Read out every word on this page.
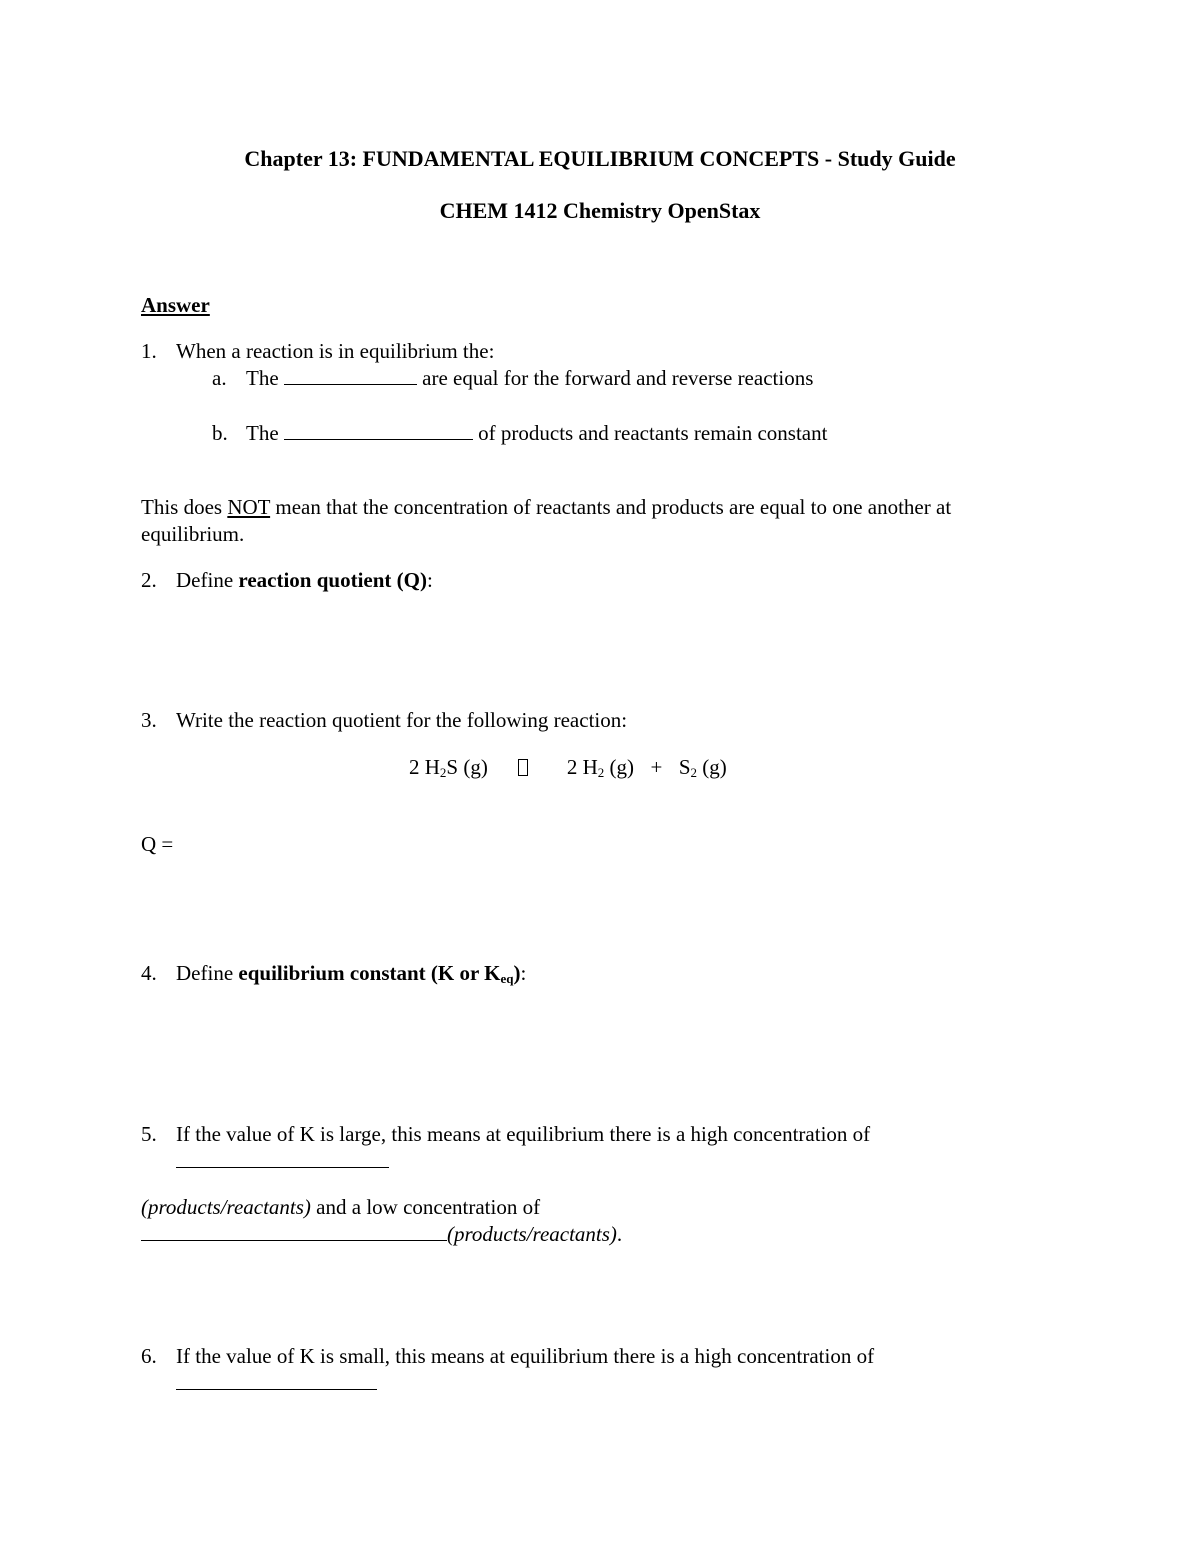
Chapter 13: FUNDAMENTAL EQUILIBRIUM CONCEPTS - Study Guide
CHEM 1412 Chemistry OpenStax
Answer
1. When a reaction is in equilibrium the:
a. The	are equal for the forward and reverse reactions
b. The	of products and reactants remain constant
This does NOT mean that the concentration of reactants and products are equal to one another at
equilibrium.
2. Define reaction quotient (Q):
3. Write the reaction quotient for the following reaction:
2 $H_2S$ (g)	2 $H_2$ $(g) + S_2$ (g)
Q =
4. Define equilibrium constant (K or $K_{eq}$):
5. If the value of K is large, this means at equilibrium there is a high concentration of
(products/reactants) and a low concentration of
(products/reactants).
6. If the value of K is small, this means at equilibrium there is a high concentration of
